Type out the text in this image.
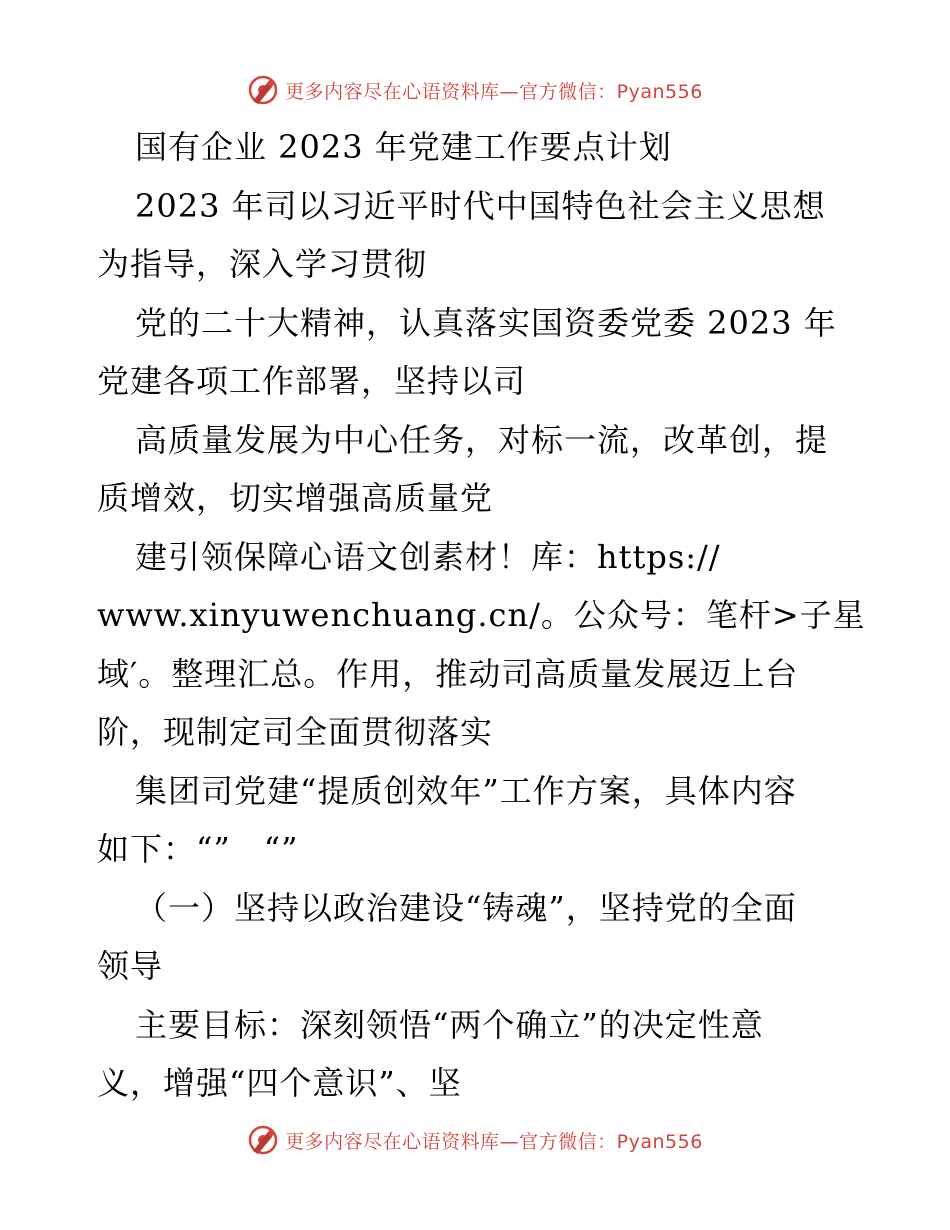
更多内容尽在心语资料库—官方微信：Pyan556
国有企业 2023 年党建工作要点计划
2023 年司以习近平时代中国特色社会主义思想
为指导，深入学习贯彻
党的二十大精神，认真落实国资委党委 2023 年
党建各项工作部署，坚持以司
高质量发展为中心任务，对标一流，改革创，提
质增效，切实增强高质量党
建引领保障心语文创素材！库：https://
www.xinyuwenchuang.cn/。公众号：笔杆>子星
域′。整理汇总。作用，推动司高质量发展迈上台
阶，现制定司全面贯彻落实
集团司党建“提质创效年”工作方案，具体内容
如下：“”　“”
（一）坚持以政治建设“铸魂”，坚持党的全面
领导
主要目标：深刻领悟“两个确立”的决定性意
义，增强“四个意识”、坚
更多内容尽在心语资料库—官方微信：Pyan556
